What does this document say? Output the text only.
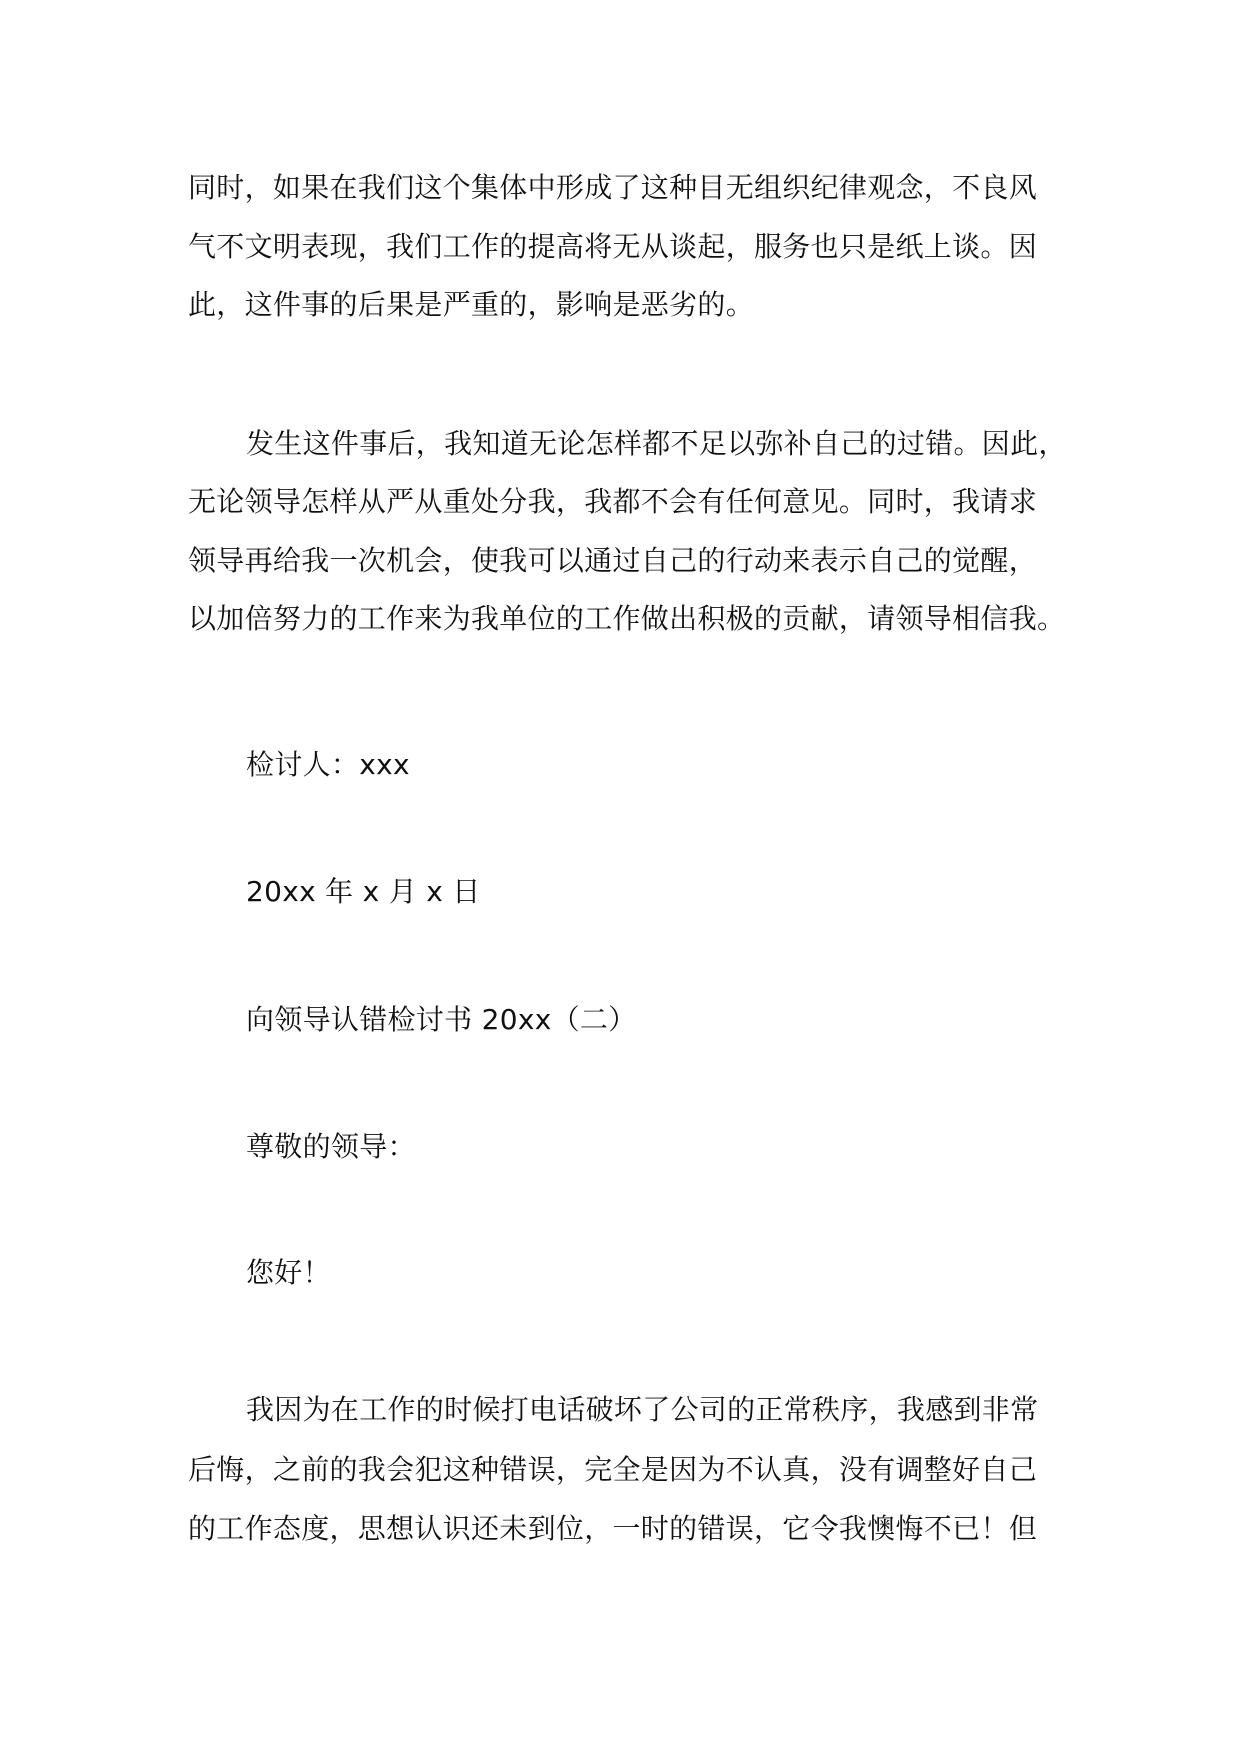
同时，如果在我们这个集体中形成了这种目无组织纪律观念，不良风
气不文明表现，我们工作的提高将无从谈起，服务也只是纸上谈。因
此，这件事的后果是严重的，影响是恶劣的。
发生这件事后，我知道无论怎样都不足以弥补自己的过错。因此，
无论领导怎样从严从重处分我，我都不会有任何意见。同时，我请求
领导再给我一次机会，使我可以通过自己的行动来表示自己的觉醒，
以加倍努力的工作来为我单位的工作做出积极的贡献，请领导相信我。
检讨人：xxx
20xx 年 x 月 x 日
向领导认错检讨书 20xx（二）
尊敬的领导：
您好！
我因为在工作的时候打电话破坏了公司的正常秩序，我感到非常
后悔，之前的我会犯这种错误，完全是因为不认真，没有调整好自己
的工作态度，思想认识还未到位，一时的错误，它令我懊悔不已！但
